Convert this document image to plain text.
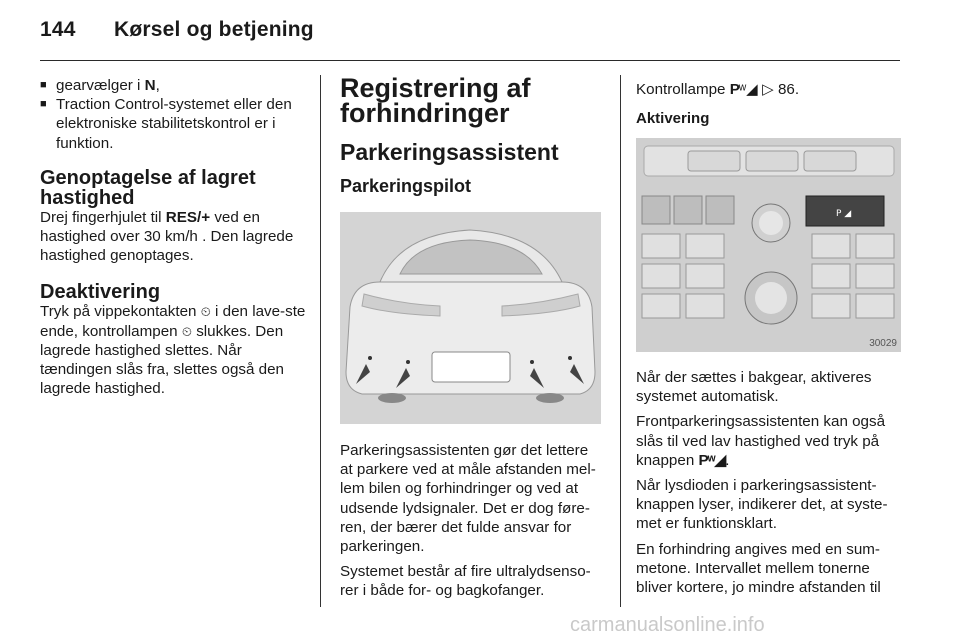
144 Kørsel og betjening
■ gearvælger i N,
■ Traction Control-systemet eller den elektroniske stabilitetskontrol er i funktion.
Genoptagelse af lagret hastighed

Drej fingerhjulet til RES/+ ved en hastighed over 30 km/h . Den lagrede hastighed genoptages.

Deaktivering

Tryk på vippekontakten ⏲ i den lave-ste ende, kontrollampen ⏲ slukkes. Den lagrede hastighed slettes. Når tændingen slås fra, slettes også den lagrede hastighed.

Registrering af
forhindringer
Parkeringsassistent
Parkeringspilot

Parkeringsassistenten gør det lettere at parkere ved at måle afstanden mel-lem bilen og forhindringer og ved at udsende lydsignaler. Det er dog føre-ren, der bærer det fulde ansvar for parkeringen.

Systemet består af fire ultralydsenso-rer i både for- og bagkofanger.

Kontrollampe Pʷ◢ ▷ 86.

Aktivering
P ◢
30029

Når der sættes i bakgear, aktiveres systemet automatisk.

Frontparkeringsassistenten kan også slås til ved lav hastighed ved tryk på knappen Pʷ◢.

Når lysdioden i parkeringsassistent-knappen lyser, indikerer det, at syste-met er funktionsklart.

En forhindring angives med en sum-metone. Intervallet mellem tonerne bliver kortere, jo mindre afstanden til

carmanualsonline.info
